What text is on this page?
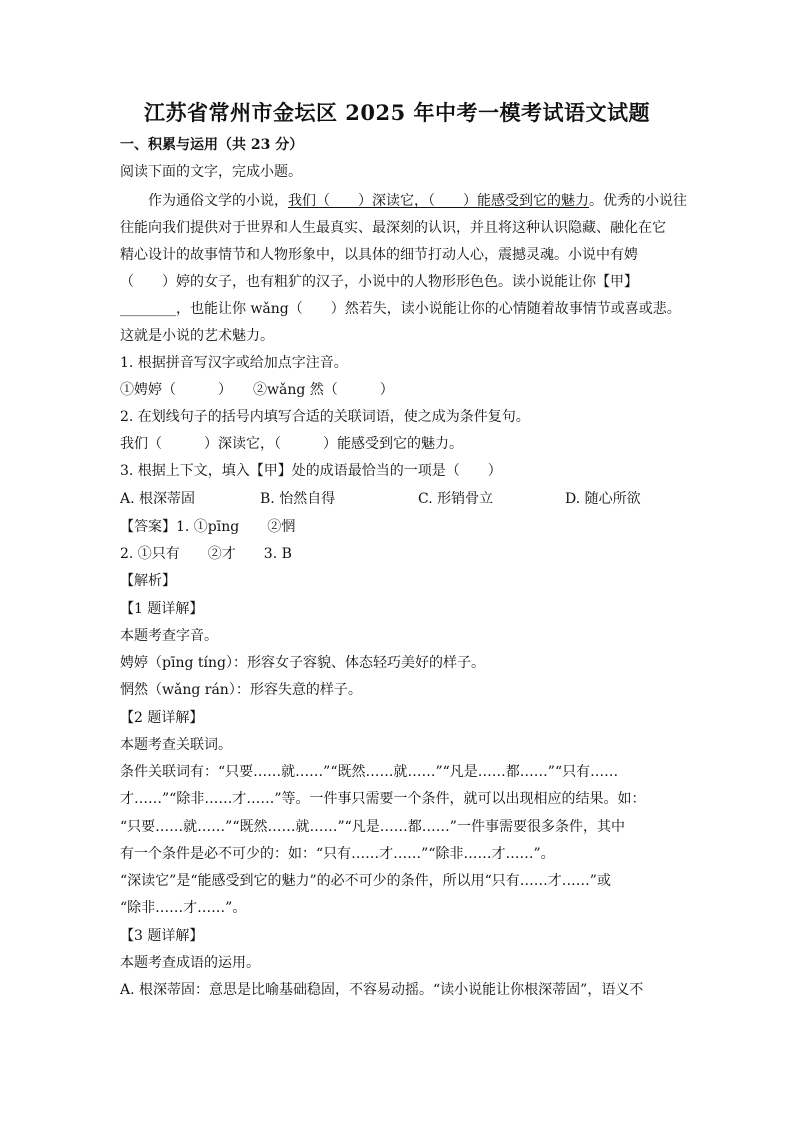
江苏省常州市金坛区 2025 年中考一模考试语文试题
一、积累与运用（共 23 分）
阅读下面的文字，完成小题。
作为通俗文学的小说，我们（　　）深读它，（　　）能感受到它的魅力。优秀的小说往
往能向我们提供对于世界和人生最真实、最深刻的认识，并且将这种认识隐藏、融化在它
精心设计的故事情节和人物形象中，以具体的细节打动人心，震撼灵魂。小说中有娉
（　　）婷的女子，也有粗犷的汉子，小说中的人物形形色色。读小说能让你【甲】
________，也能让你 wǎng（　　）然若失，读小说能让你的心情随着故事情节或喜或悲。
这就是小说的艺术魅力。
1. 根据拼音写汉字或给加点字注音。
①娉婷（　　　）　　②wǎng 然（　　　）
2. 在划线句子的括号内填写合适的关联词语，使之成为条件复句。
我们（　　　）深读它，（　　　）能感受到它的魅力。
3. 根据上下文，填入【甲】处的成语最恰当的一项是（　　）
A. 根深蒂固	B. 怡然自得	C. 形销骨立	D. 随心所欲
【答案】1. ①pīng　　②惘
2. ①只有　　②才　　3. B
【解析】
【1 题详解】
本题考查字音。
娉婷（pīng tíng）：形容女子容貌、体态轻巧美好的样子。
惘然（wǎng rán）：形容失意的样子。
【2 题详解】
本题考查关联词。
条件关联词有：“只要……就……”“既然……就……”“凡是……都……”“只有……
才……”“除非……才……”等。一件事只需要一个条件，就可以出现相应的结果。如：
“只要……就……”“既然……就……”“凡是……都……”一件事需要很多条件，其中
有一个条件是必不可少的：如：“只有……才……”“除非……才……”。
“深读它”是“能感受到它的魅力”的必不可少的条件，所以用“只有……才……”或
“除非……才……”。
【3 题详解】
本题考查成语的运用。
A. 根深蒂固：意思是比喻基础稳固，不容易动摇。“读小说能让你根深蒂固”，语义不
